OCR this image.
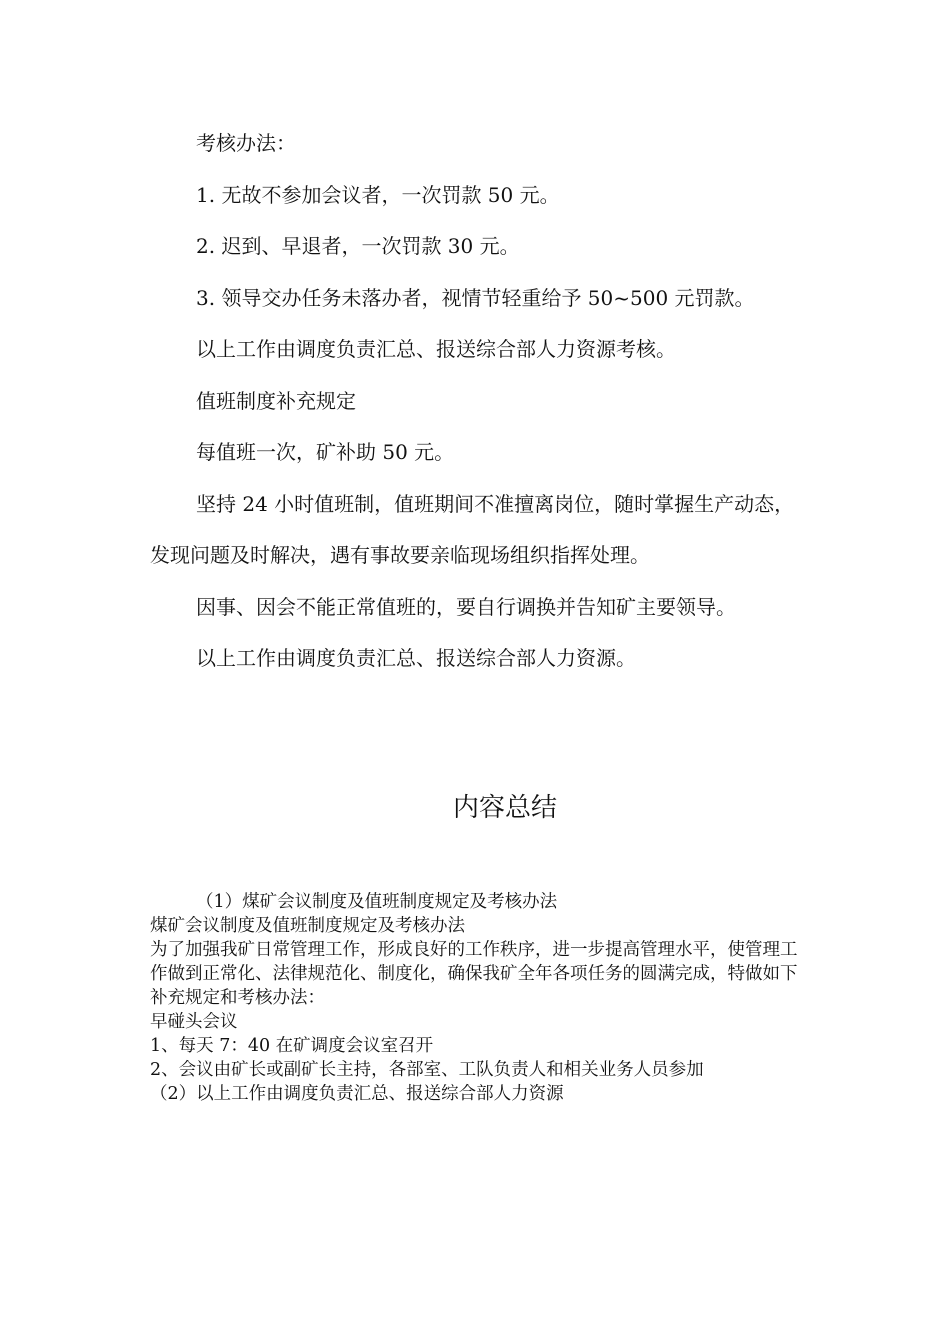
考核办法：

1. 无故不参加会议者，一次罚款 50 元。

2. 迟到、早退者，一次罚款 30 元。

3. 领导交办任务未落办者，视情节轻重给予 50~500 元罚款。

以上工作由调度负责汇总、报送综合部人力资源考核。

值班制度补充规定

每值班一次，矿补助 50 元。

坚持 24 小时值班制，值班期间不准擅离岗位，随时掌握生产动态，发现问题及时解决，遇有事故要亲临现场组织指挥处理。

因事、因会不能正常值班的，要自行调换并告知矿主要领导。

以上工作由调度负责汇总、报送综合部人力资源。

内容总结

（1）煤矿会议制度及值班制度规定及考核办法

煤矿会议制度及值班制度规定及考核办法

为了加强我矿日常管理工作，形成良好的工作秩序，进一步提高管理水平，使管理工作做到正常化、法律规范化、制度化，确保我矿全年各项任务的圆满完成，特做如下补充规定和考核办法：

早碰头会议

1、每天 7：40 在矿调度会议室召开

2、会议由矿长或副矿长主持，各部室、工队负责人和相关业务人员参加

（2）以上工作由调度负责汇总、报送综合部人力资源
